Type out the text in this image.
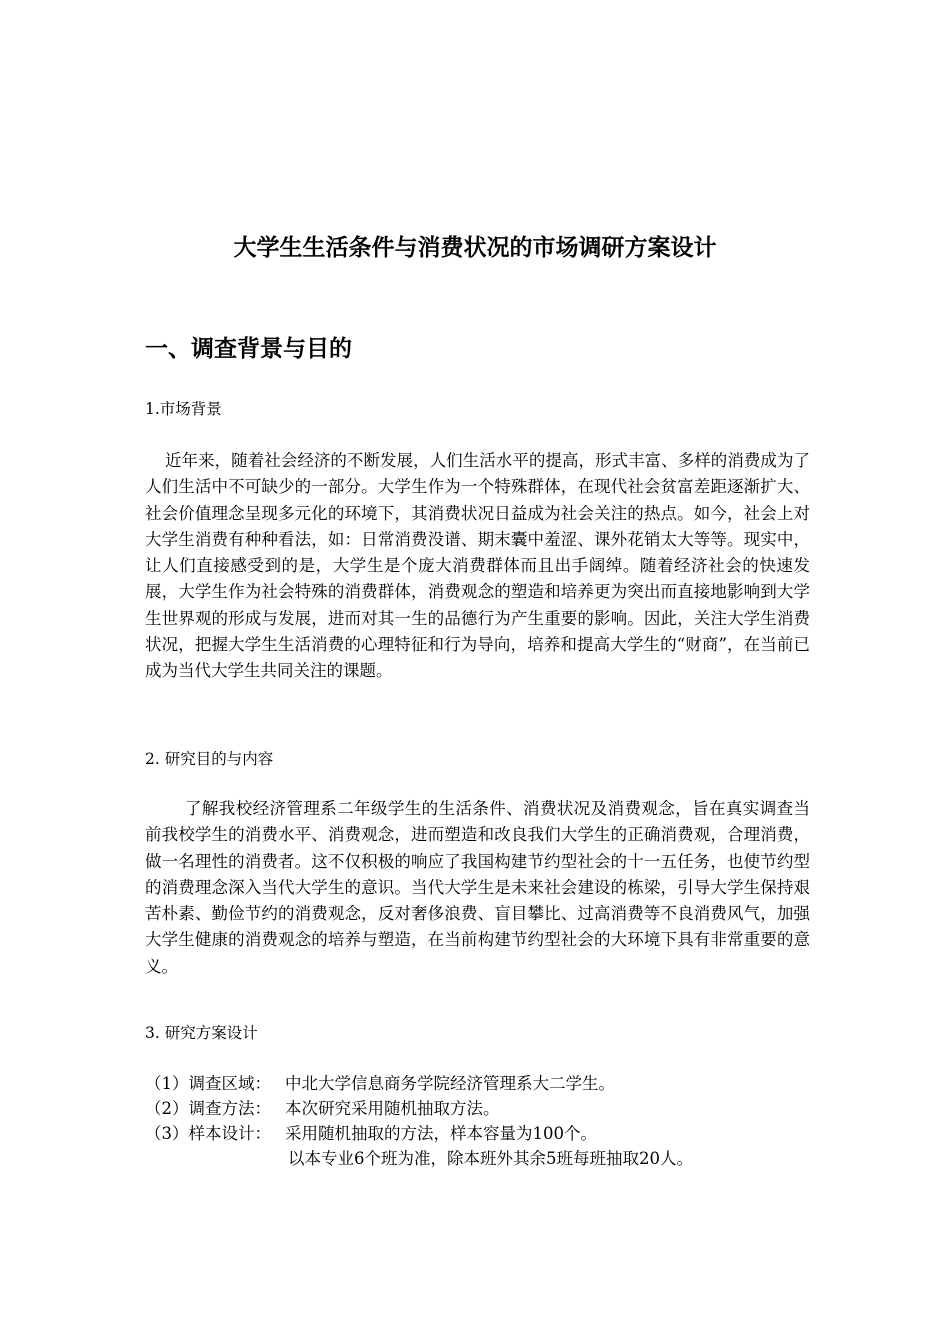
大学生生活条件与消费状况的市场调研方案设计
一、调查背景与目的
1.市场背景

近年来，随着社会经济的不断发展，人们生活水平的提高，形式丰富、多样的消费成为了人们生活中不可缺少的一部分。大学生作为一个特殊群体，在现代社会贫富差距逐渐扩大、社会价值理念呈现多元化的环境下，其消费状况日益成为社会关注的热点。如今，社会上对大学生消费有种种看法，如：日常消费没谱、期末囊中羞涩、课外花销太大等等。现实中，让人们直接感受到的是，大学生是个庞大消费群体而且出手阔绰。随着经济社会的快速发展，大学生作为社会特殊的消费群体，消费观念的塑造和培养更为突出而直接地影响到大学生世界观的形成与发展，进而对其一生的品德行为产生重要的影响。因此，关注大学生消费状况，把握大学生生活消费的心理特征和行为导向，培养和提高大学生的“财商”，在当前已成为当代大学生共同关注的课题。

2. 研究目的与内容

了解我校经济管理系二年级学生的生活条件、消费状况及消费观念，旨在真实调查当前我校学生的消费水平、消费观念，进而塑造和改良我们大学生的正确消费观，合理消费，做一名理性的消费者。这不仅积极的响应了我国构建节约型社会的十一五任务，也使节约型的消费理念深入当代大学生的意识。当代大学生是未来社会建设的栋梁，引导大学生保持艰苦朴素、勤俭节约的消费观念，反对奢侈浪费、盲目攀比、过高消费等不良消费风气，加强大学生健康的消费观念的培养与塑造，在当前构建节约型社会的大环境下具有非常重要的意义。

3. 研究方案设计
（1）调查区域： 中北大学信息商务学院经济管理系大二学生。
（2）调查方法： 本次研究采用随机抽取方法。
（3）样本设计： 采用随机抽取的方法，样本容量为100个。
以本专业6个班为准，除本班外其余5班每班抽取20人。
